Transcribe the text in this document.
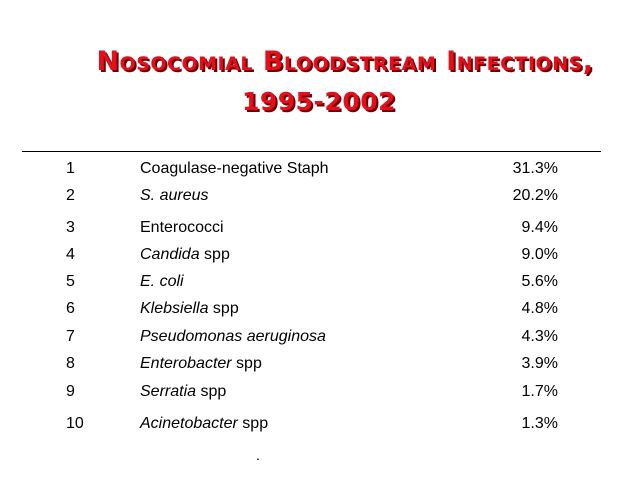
Nosocomial Bloodstream Infections,
1995-2002
1	Coagulase-negative Staph	31.3%
2	S. aureus	20.2%
3	Enterococci	9.4%
4	Candida spp	9.0%
5	E. coli	5.6%
6	Klebsiella spp	4.8%
7	Pseudomonas aeruginosa	4.3%
8	Enterobacter spp	3.9%
9	Serratia spp	1.7%
10	Acinetobacter spp	1.3%
.
